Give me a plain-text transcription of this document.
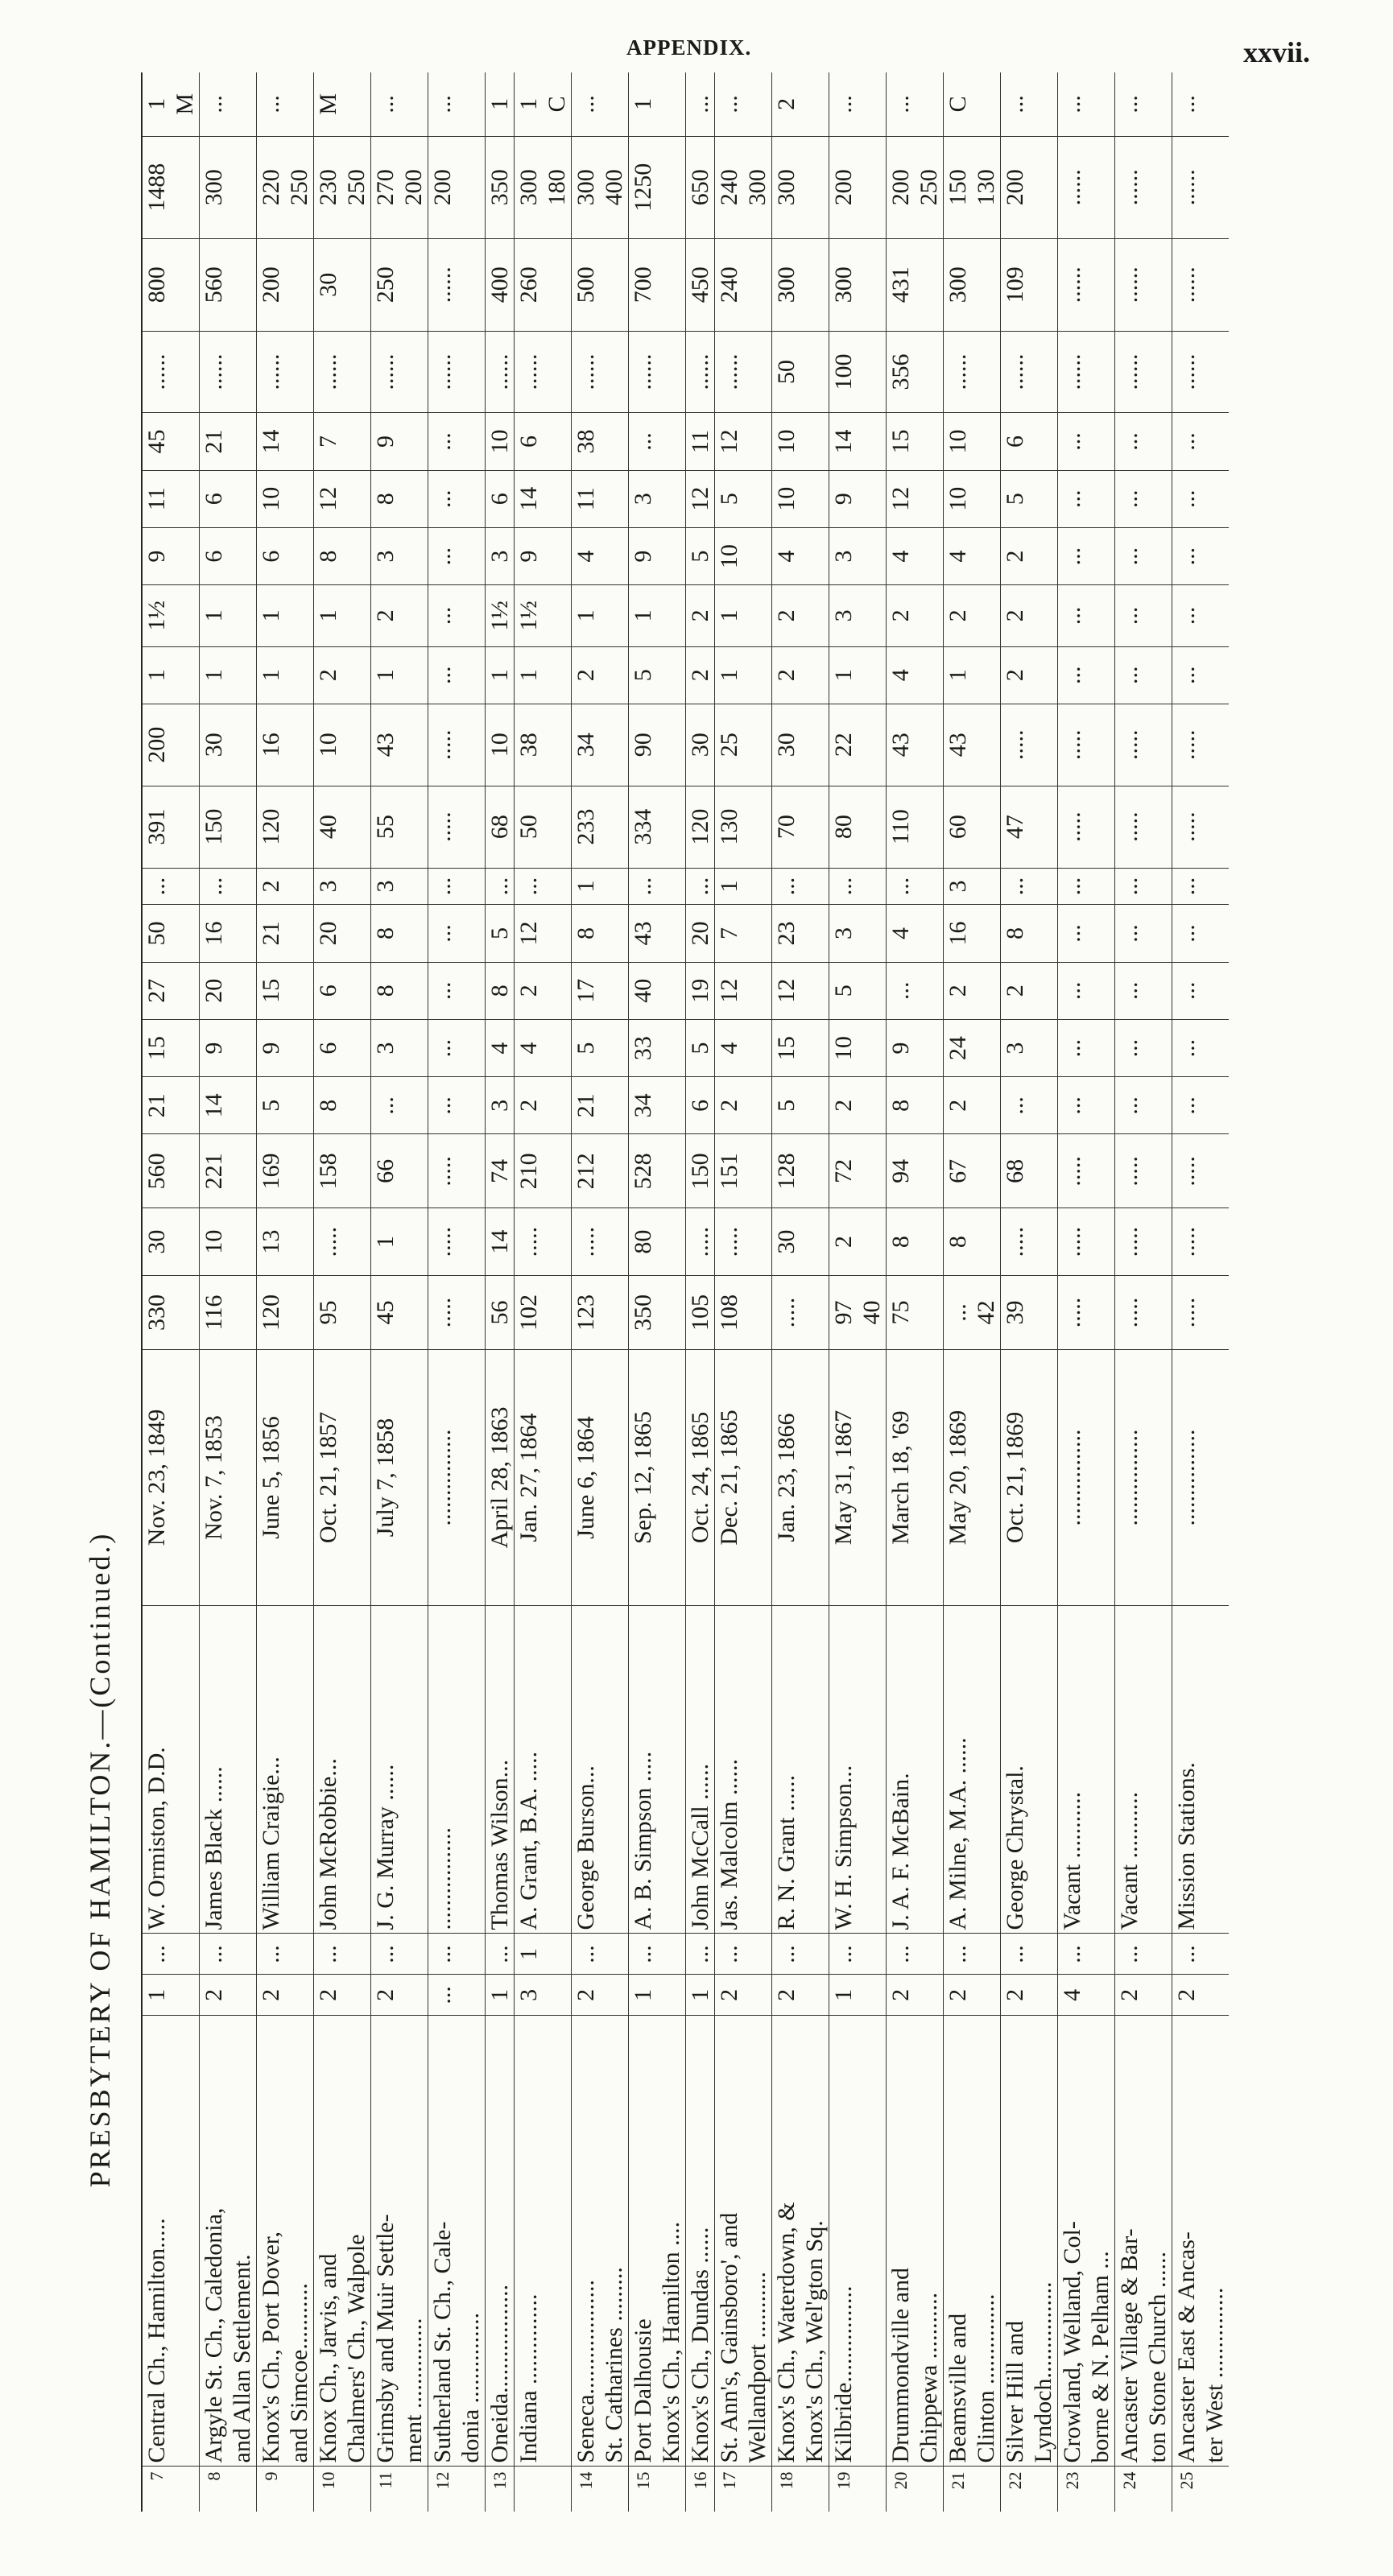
APPENDIX.	xxvii.
PRESBYTERY OF HAMILTON.—(Continued.)
7	Central Ch., Hamilton.....	1	...	W. Ormiston, D.D.	Nov. 23, 1849	330	30	560	21	15	27	50	...	391	200	1	1½	9	11	45	......	800	1488	1 M

8	Argyle St. Ch., Caledonia, and Allan Settlement.	2	...	James Black ......	Nov. 7, 1853	116	10	221	14	9	20	16	...	150	30	1	1	6	6	21	......	560	300	...

9	Knox's Ch., Port Dover, and Simcoe...........	2	...	William Craigie...	June 5, 1856	120	13	169	5	9	15	21	2	120	16	1	1	6	10	14	......	200	220 250	...

10	Knox Ch., Jarvis, and Chalmers' Ch., Walpole	2	...	John McRobbie...	Oct. 21, 1857	95	.....	158	8	6	6	20	3	40	10	2	1	8	12	7	......	30	230 250	M

11	Grimsby and Muir Settle- ment ...............	2	...	J. G. Murray ......	July 7, 1858	45	1	66	...	3	8	8	3	55	43	1	2	3	8	9	......	250	270 200	...

12	Sutherland St. Ch., Cale- donia ...............	...	...	.................	................	.....	.....	.....	...	...	...	...	...	.....	.....	...	...	...	...	...	......	......	200	...

13	Oneida..................	1	...	Thomas Wilson...	April 28, 1863	56	14	74	3	4	8	5	...	68	10	1	1½	3	6	10	......	400	350	1

	Indiana ...............	3	1	A. Grant, B.A. .....	Jan. 27, 1864	102	.....	210	2	4	2	12	...	50	38	1	1½	9	14	6	......	260	300 180	1 C

14	Seneca................... St. Catharines .........	2	...	George Burson...	June 6, 1864	123	.....	212	21	5	17	8	1	233	34	2	1	4	11	38	......	500	300 400	...

15	Port Dalhousie Knox's Ch., Hamilton ....	1	...	A. B. Simpson .....	Sep. 12, 1865	350	80	528	34	33	40	43	...	334	90	5	1	9	3	...	......	700	1250	1

16	Knox's Ch., Dundas ......	1	...	John McCall ......	Oct. 24, 1865	105	.....	150	6	5	19	20	...	120	30	2	2	5	12	11	......	450	650	...

17	St. Ann's, Gainsboro', and Wellandport ...........	2	...	Jas. Malcolm ......	Dec. 21, 1865	108	.....	151	2	4	12	7	1	130	25	1	1	10	5	12	......	240	240 300	...

18	Knox's Ch., Waterdown, & Knox's Ch., Wel'gton Sq.	2	...	R. N. Grant ......	Jan. 23, 1866	.....	30	128	5	15	12	23	...	70	30	2	2	4	10	10	50	300	300	2

19	Kilbride................	1	...	W. H. Simpson...	May 31, 1867	97 40	2	72	2	10	5	3	...	80	22	1	3	3	9	14	100	300	200	...

20	Drummondville and Chippewa ...........	2	...	J. A. F. McBain.	March 18, '69	75	8	94	8	9	...	4	...	110	43	4	2	4	12	15	356	431	200 250	...

21	Beamsville and Clinton ...............	2	...	A. Milne, M.A. ......	May 20, 1869	... 42	8	67	2	24	2	16	3	60	43	1	2	4	10	10	......	300	150 130	C

22	Silver Hill and Lyndoch................	2	...	George Chrystal.	Oct. 21, 1869	39	.....	68	...	3	2	8	...	47	.....	2	2	2	5	6	......	109	200	...

23	Crowland, Welland, Col- borne & N. Pelham ...	4	...	Vacant ...........	................	.....	.....	.....	...	...	...	...	...	.....	.....	...	...	...	...	...	......	......	......	...

24	Ancaster Village & Bar- ton Stone Church ......	2	...	Vacant ...........	................	.....	.....	.....	...	...	...	...	...	.....	.....	...	...	...	...	...	......	......	......	...

25	Ancaster East & Ancas- ter West ...............	2	...	Mission Stations.	................	.....	.....	.....	...	...	...	...	...	.....	.....	...	...	...	...	...	......	......	......	...
